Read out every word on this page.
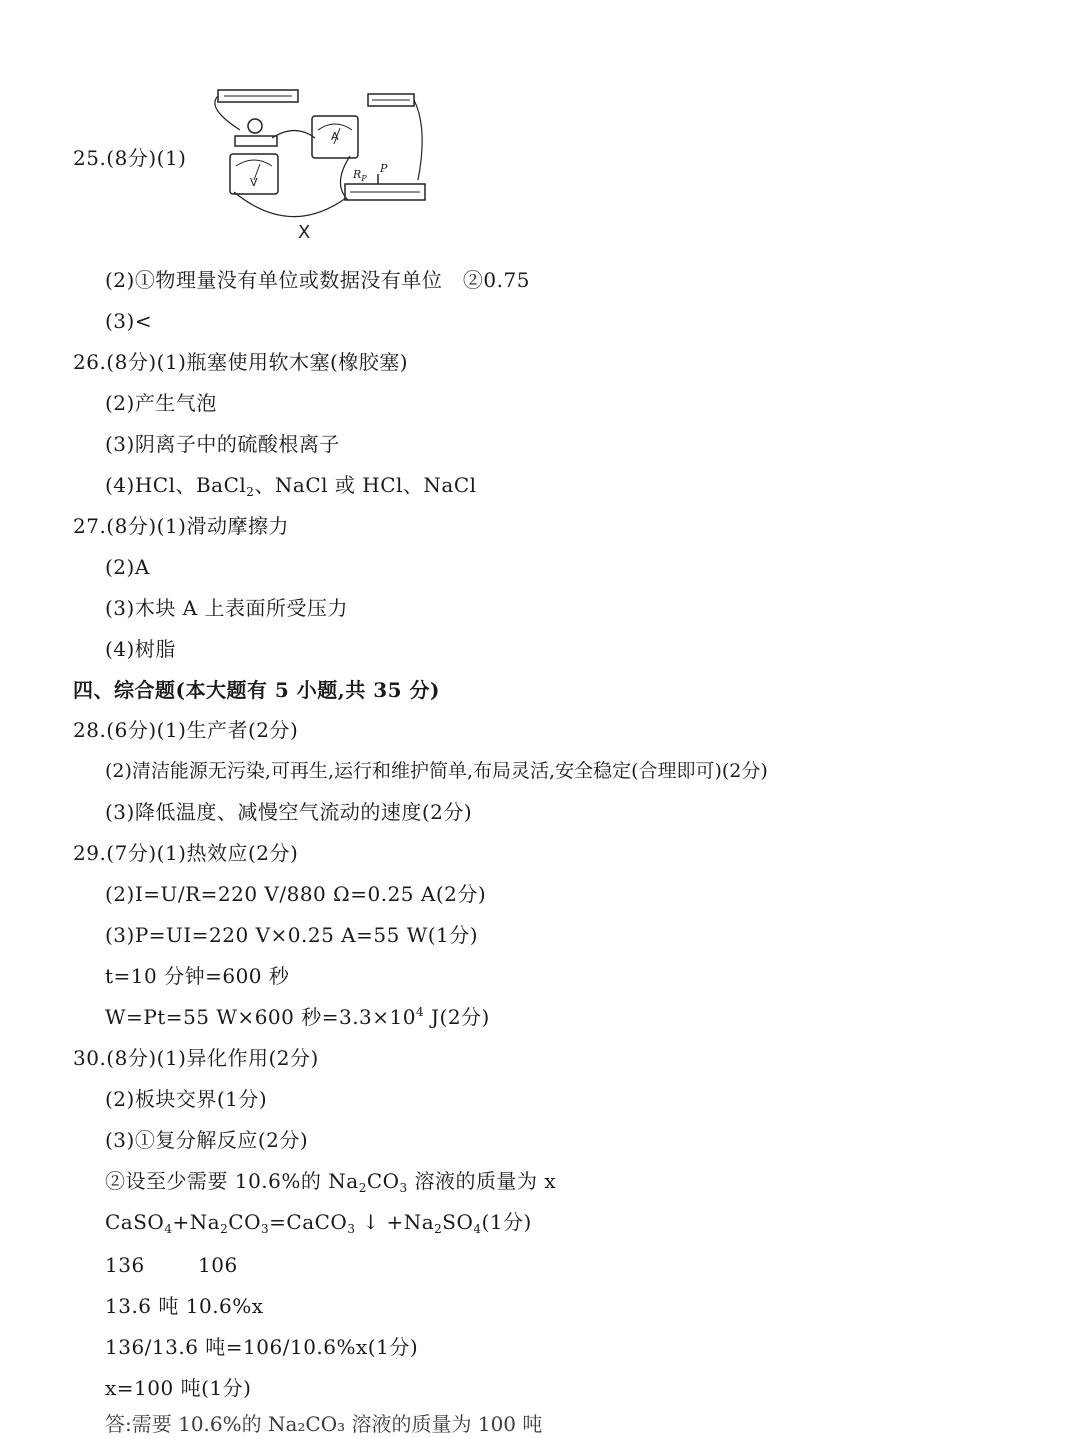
25.(8分)(1)
V
A
$R_P$
P
X
(2)①物理量没有单位或数据没有单位 ②0.75
(3)<
26.(8分)(1)瓶塞使用软木塞(橡胶塞)
(2)产生气泡
(3)阴离子中的硫酸根离子
(4)HCl、BaCl$_2$、NaCl 或 HCl、NaCl
27.(8分)(1)滑动摩擦力
(2)A
(3)木块 A 上表面所受压力
(4)树脂
四、综合题(本大题有 5 小题,共 35 分)
28.(6分)(1)生产者(2分)
(2)清洁能源无污染,可再生,运行和维护简单,布局灵活,安全稳定(合理即可)(2分)
(3)降低温度、减慢空气流动的速度(2分)
29.(7分)(1)热效应(2分)
(2)I=U/R=220 V/880 Ω=0.25 A(2分)
(3)P=UI=220 V×0.25 A=55 W(1分)
t=10 分钟=600 秒
W=Pt=55 W×600 秒$=3.3\times 10^4$ J(2分)
30.(8分)(1)异化作用(2分)
(2)板块交界(1分)
(3)①复分解反应(2分)
②设至少需要 10.6%的 $Na_2CO_3$ 溶液的质量为 x
$CaSO_4+Na_2CO_3=CaCO_3$ ↓ $+Na_2SO_4(1$分)
136	106
13.6 吨 10.6%x
136/13.6 吨=106/10.6%x(1分)
x=100 吨(1分)
答:需要 10.6%的 Na₂CO₃ 溶液的质量为 100 吨
